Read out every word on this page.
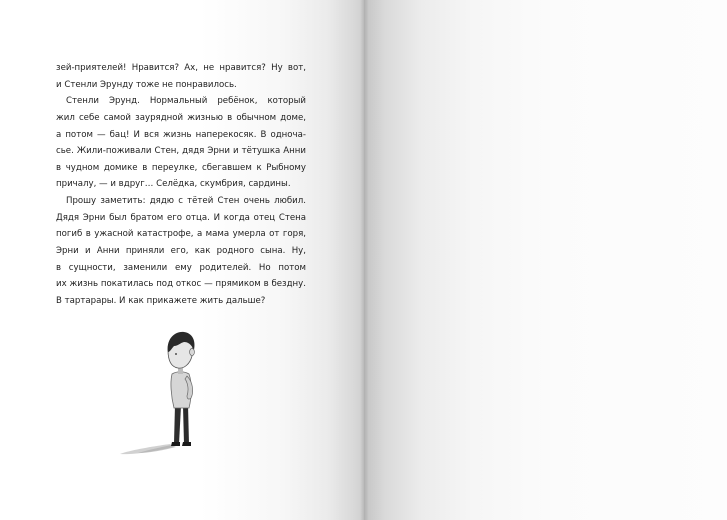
зей-приятелей! Нравится? Ах, не нравится? Ну вот,
и Стенли Эрунду тоже не понравилось.
Стенли Эрунд. Нормальный ребёнок, который
жил себе самой заурядной жизнью в обычном доме,
а потом — бац! И вся жизнь наперекосяк. В одноча-
сье. Жили-поживали Стен, дядя Эрни и тётушка Анни
в чудном домике в переулке, сбегавшем к Рыбному
причалу, — и вдруг… Селёдка, скумбрия, сардины.
Прошу заметить: дядю с тётей Стен очень любил.
Дядя Эрни был братом его отца. И когда отец Стена
погиб в ужасной катастрофе, а мама умерла от горя,
Эрни и Анни приняли его, как родного сына. Ну,
в сущности, заменили ему родителей. Но потом
их жизнь покатилась под откос — прямиком в бездну.
В тартарары. И как прикажете жить дальше?
